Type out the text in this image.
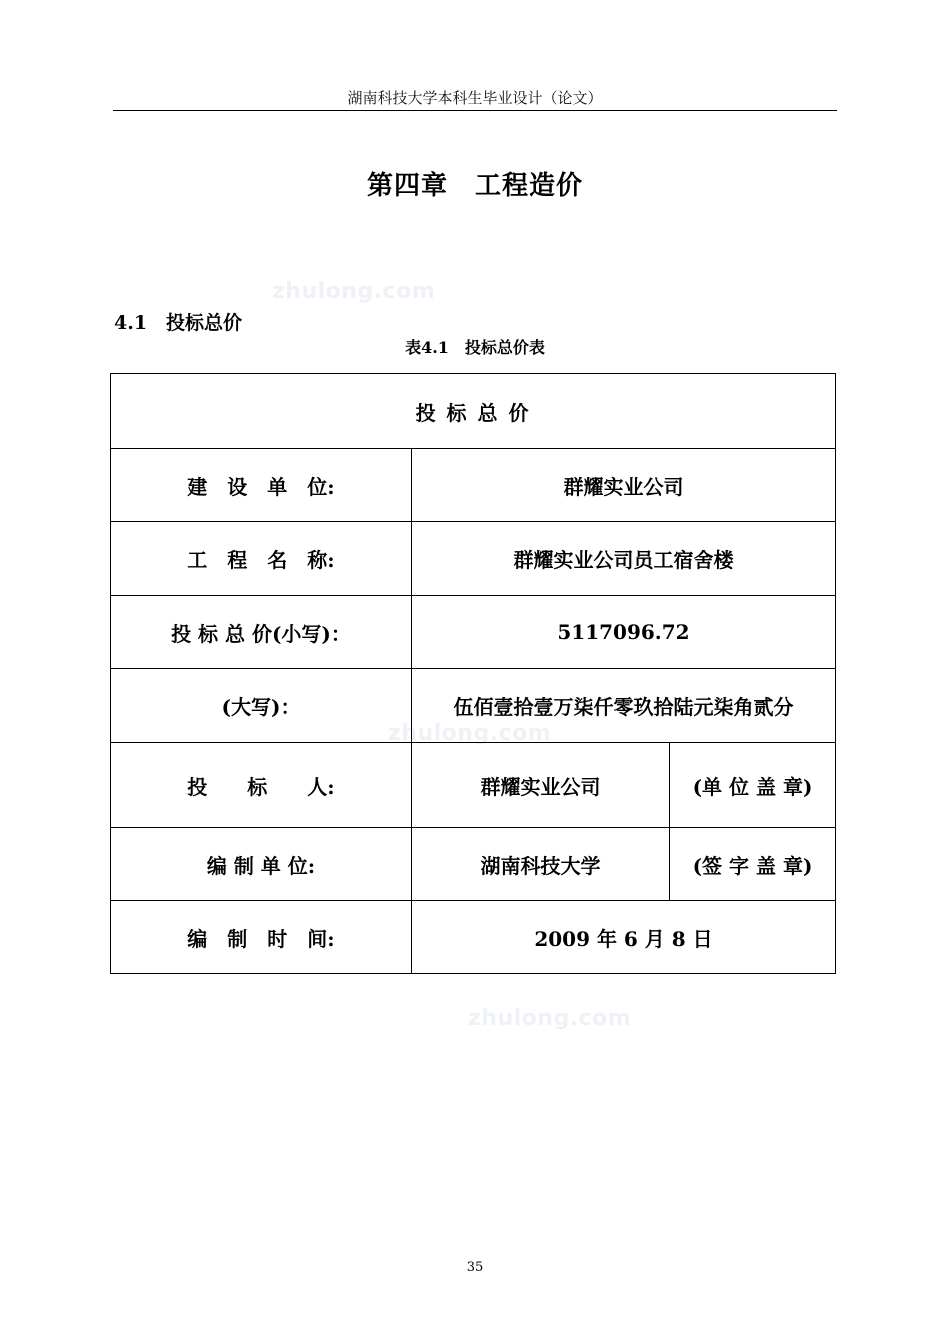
湖南科技大学本科生毕业设计（论文）
第四章　工程造价
zhulong.com
zhulong.com
zhulong.com
4.1　投标总价
表4.1　投标总价表
投 标 总 价		
建　设　单　位:	群耀实业公司	
工　程　名　称:	群耀实业公司员工宿舍楼	
投 标 总 价(小写)：	5117096.72	
(大写)：	伍佰壹拾壹万柒仟零玖拾陆元柒角贰分	
投　　标　　人:	群耀实业公司	(单 位 盖 章)
编 制 单 位:	湖南科技大学	(签 字 盖 章)
编　制　时　间:	2009 年 6 月 8 日	
35
